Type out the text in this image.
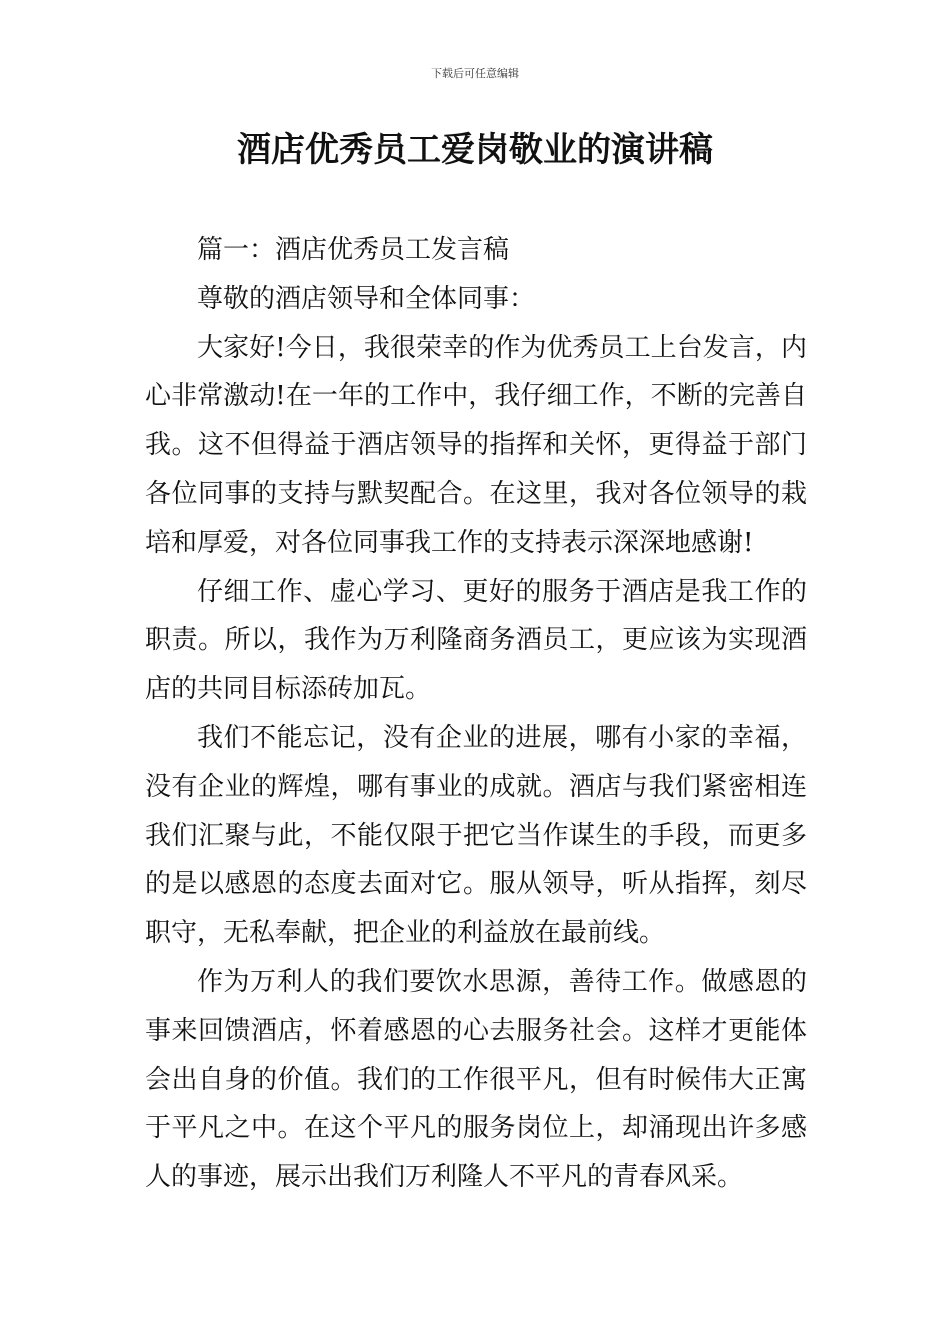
下载后可任意编辑
酒店优秀员工爱岗敬业的演讲稿
篇一：酒店优秀员工发言稿
尊敬的酒店领导和全体同事：
大家好!今日，我很荣幸的作为优秀员工上台发言，内
心非常激动!在一年的工作中，我仔细工作，不断的完善自
我。这不但得益于酒店领导的指挥和关怀，更得益于部门
各位同事的支持与默契配合。在这里，我对各位领导的栽
培和厚爱，对各位同事我工作的支持表示深深地感谢!
仔细工作、虚心学习、更好的服务于酒店是我工作的
职责。所以，我作为万利隆商务酒员工，更应该为实现酒
店的共同目标添砖加瓦。
我们不能忘记，没有企业的进展，哪有小家的幸福，
没有企业的辉煌，哪有事业的成就。酒店与我们紧密相连
我们汇聚与此，不能仅限于把它当作谋生的手段，而更多
的是以感恩的态度去面对它。服从领导，听从指挥，刻尽
职守，无私奉献，把企业的利益放在最前线。
作为万利人的我们要饮水思源，善待工作。做感恩的
事来回馈酒店，怀着感恩的心去服务社会。这样才更能体
会出自身的价值。我们的工作很平凡，但有时候伟大正寓
于平凡之中。在这个平凡的服务岗位上，却涌现出许多感
人的事迹，展示出我们万利隆人不平凡的青春风采。
